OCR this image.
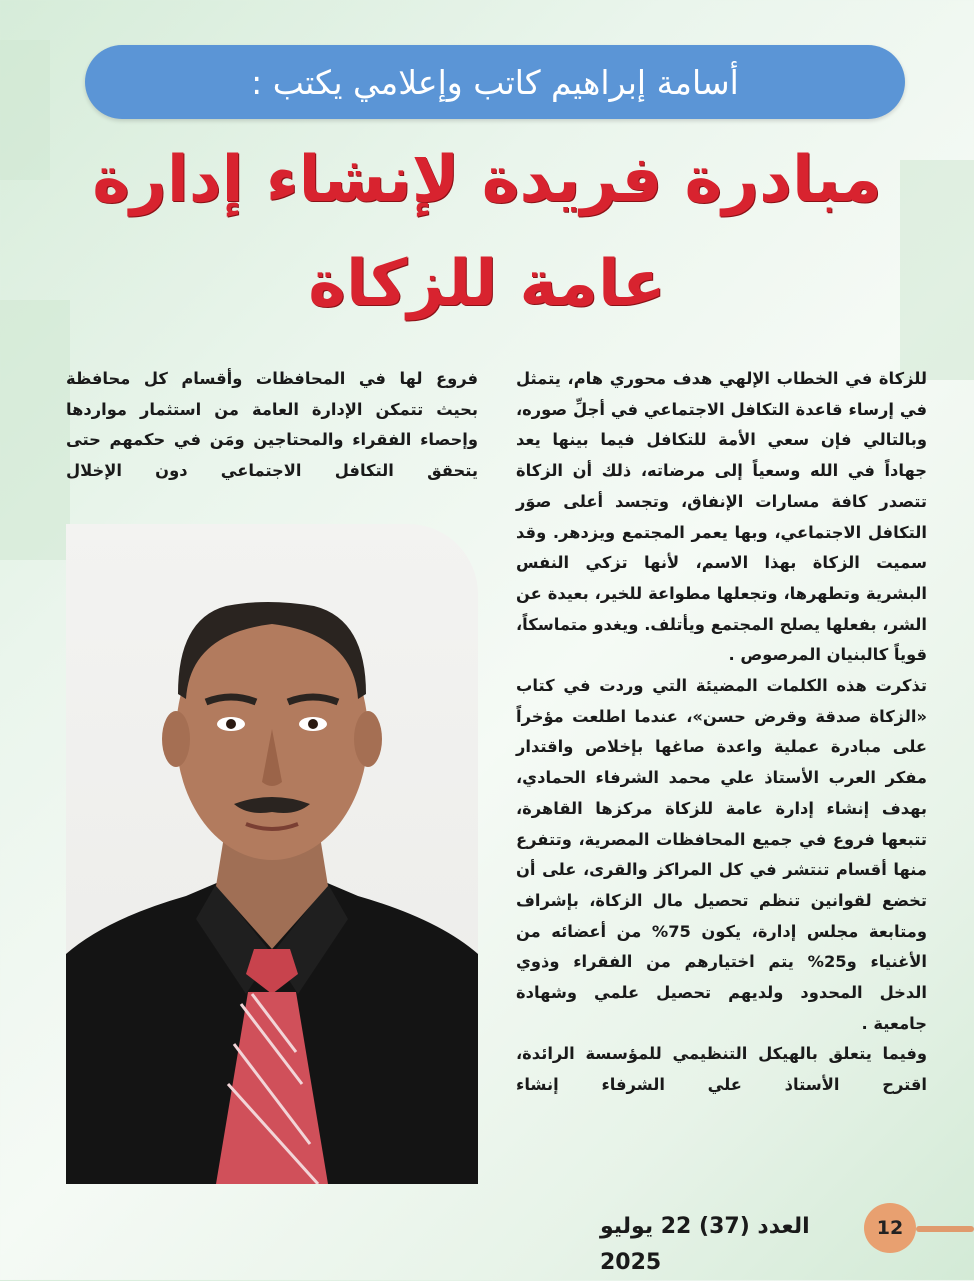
أسامة إبراهيم كاتب وإعلامي يكتب :
مبادرة فريدة لإنشاء إدارة
عامة للزكاة

للزكاة في الخطاب الإلهي هدف محوري هام، يتمثل في إرساء قاعدة التكافل الاجتماعي في أجلِّ صوره، وبالتالي فإن سعي الأمة للتكافل فيما بينها يعد جهاداً في الله وسعياً إلى مرضاته، ذلك أن الزكاة تتصدر كافة مسارات الإنفاق، وتجسد أعلى صوَر التكافل الاجتماعي، وبها يعمر المجتمع ويزدهر. وقد سميت الزكاة بهذا الاسم، لأنها تزكي النفس البشرية وتطهرها، وتجعلها مطواعة للخير، بعيدة عن الشر، بفعلها يصلح المجتمع ويأتلف. ويغدو متماسكاً، قوياً كالبنيان المرصوص .

تذكرت هذه الكلمات المضيئة التي وردت في كتاب «الزكاة صدقة وقرض حسن»، عندما اطلعت مؤخراً على مبادرة عملية واعدة صاغها بإخلاص واقتدار مفكر العرب الأستاذ علي محمد الشرفاء الحمادي، بهدف إنشاء إدارة عامة للزكاة مركزها القاهرة، تتبعها فروع في جميع المحافظات المصرية، وتتفرع منها أقسام تنتشر في كل المراكز والقرى، على أن تخضع لقوانين تنظم تحصيل مال الزكاة، بإشراف ومتابعة مجلس إدارة، يكون 75% من أعضائه من الأغنياء و25% يتم اختيارهم من الفقراء وذوي الدخل المحدود ولديهم تحصيل علمي وشهادة جامعية .

وفيما يتعلق بالهيكل التنظيمي للمؤسسة الرائدة، اقترح الأستاذ علي الشرفاء إنشاء

فروع لها في المحافظات وأقسام كل محافظة بحيث تتمكن الإدارة العامة من استثمار مواردها وإحصاء الفقراء والمحتاجين ومَن في حكمهم حتى يتحقق التكافل الاجتماعي دون الإخلال

12
العدد (37) 22 يوليو 2025
